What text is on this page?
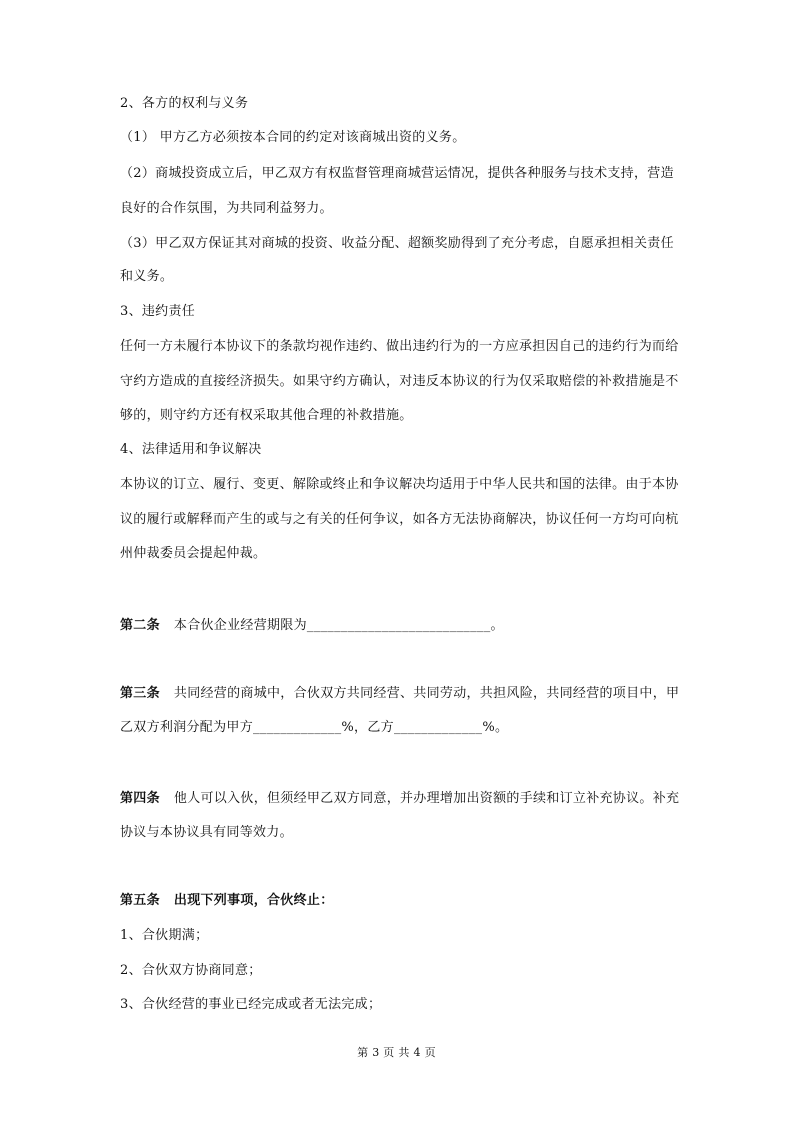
2、各方的权利与义务
（1） 甲方乙方必须按本合同的约定对该商城出资的义务。
（2）商城投资成立后，甲乙双方有权监督管理商城营运情况，提供各种服务与技术支持，营造
良好的合作氛围，为共同利益努力。
（3）甲乙双方保证其对商城的投资、收益分配、超额奖励得到了充分考虑，自愿承担相关责任
和义务。
3、违约责任
任何一方未履行本协议下的条款均视作违约、做出违约行为的一方应承担因自己的违约行为而给
守约方造成的直接经济损失。如果守约方确认，对违反本协议的行为仅采取赔偿的补救措施是不
够的，则守约方还有权采取其他合理的补救措施。
4、法律适用和争议解决
本协议的订立、履行、变更、解除或终止和争议解决均适用于中华人民共和国的法律。由于本协
议的履行或解释而产生的或与之有关的任何争议，如各方无法协商解决，协议任何一方均可向杭
州仲裁委员会提起仲裁。
第二条 本合伙企业经营期限为___________________________。
第三条 共同经营的商城中，合伙双方共同经营、共同劳动，共担风险，共同经营的项目中，甲
乙双方利润分配为甲方_____________%，乙方_____________%。
第四条 他人可以入伙，但须经甲乙双方同意，并办理增加出资额的手续和订立补充协议。补充
协议与本协议具有同等效力。
第五条 出现下列事项，合伙终止：
1、合伙期满；
2、合伙双方协商同意；
3、合伙经营的事业已经完成或者无法完成；
第 3 页 共 4 页
